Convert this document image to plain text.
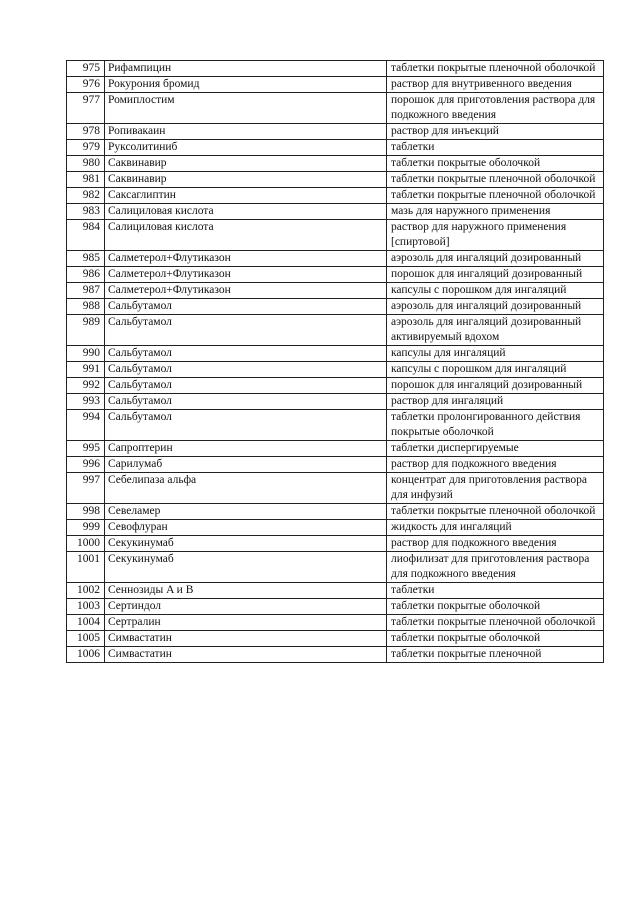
975	Рифампицин	таблетки покрытые пленочной оболочкой
976	Рокурония бромид	раствор для внутривенного введения
977	Ромиплостим	порошок для приготовления раствора для подкожного введения
978	Ропивакаин	раствор для инъекций
979	Руксолитиниб	таблетки
980	Саквинавир	таблетки покрытые оболочкой
981	Саквинавир	таблетки покрытые пленочной оболочкой
982	Саксаглиптин	таблетки покрытые пленочной оболочкой
983	Салициловая кислота	мазь для наружного применения
984	Салициловая кислота	раствор для наружного применения [спиртовой]
985	Салметерол+Флутиказон	аэрозоль для ингаляций дозированный
986	Салметерол+Флутиказон	порошок для ингаляций дозированный
987	Салметерол+Флутиказон	капсулы с порошком для ингаляций
988	Сальбутамол	аэрозоль для ингаляций дозированный
989	Сальбутамол	аэрозоль для ингаляций дозированный активируемый вдохом
990	Сальбутамол	капсулы для ингаляций
991	Сальбутамол	капсулы с порошком для ингаляций
992	Сальбутамол	порошок для ингаляций дозированный
993	Сальбутамол	раствор для ингаляций
994	Сальбутамол	таблетки пролонгированного действия покрытые оболочкой
995	Сапроптерин	таблетки диспергируемые
996	Сарилумаб	раствор для подкожного введения
997	Себелипаза альфа	концентрат для приготовления раствора для инфузий
998	Севеламер	таблетки покрытые пленочной оболочкой
999	Севофлуран	жидкость для ингаляций
1000	Секукинумаб	раствор для подкожного введения
1001	Секукинумаб	лиофилизат для приготовления раствора для подкожного введения
1002	Сеннозиды A и B	таблетки
1003	Сертиндол	таблетки покрытые оболочкой
1004	Сертралин	таблетки покрытые пленочной оболочкой
1005	Симвастатин	таблетки покрытые оболочкой
1006	Симвастатин	таблетки покрытые пленочной
